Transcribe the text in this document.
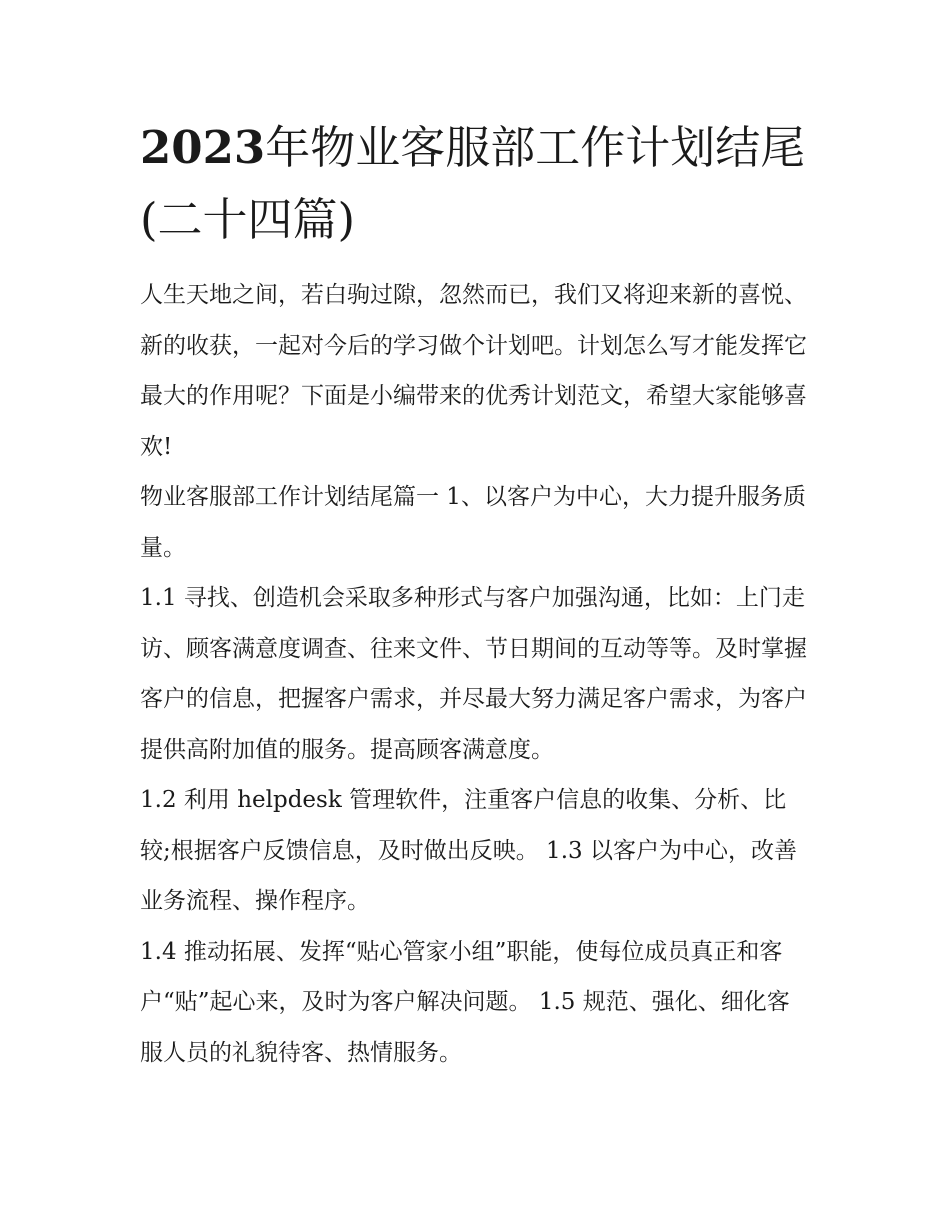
2023年物业客服部工作计划结尾(二十四篇)

人生天地之间，若白驹过隙，忽然而已，我们又将迎来新的喜悦、新的收获，一起对今后的学习做个计划吧。计划怎么写才能发挥它最大的作用呢？下面是小编带来的优秀计划范文，希望大家能够喜欢!

物业客服部工作计划结尾篇一 1、以客户为中心，大力提升服务质量。

1.1 寻找、创造机会采取多种形式与客户加强沟通，比如：上门走访、顾客满意度调查、往来文件、节日期间的互动等等。及时掌握客户的信息，把握客户需求，并尽最大努力满足客户需求，为客户提供高附加值的服务。提高顾客满意度。

1.2 利用 helpdesk 管理软件，注重客户信息的收集、分析、比较;根据客户反馈信息，及时做出反映。 1.3 以客户为中心，改善业务流程、操作程序。

1.4 推动拓展、发挥“贴心管家小组”职能，使每位成员真正和客户“贴”起心来，及时为客户解决问题。 1.5 规范、强化、细化客服人员的礼貌待客、热情服务。
